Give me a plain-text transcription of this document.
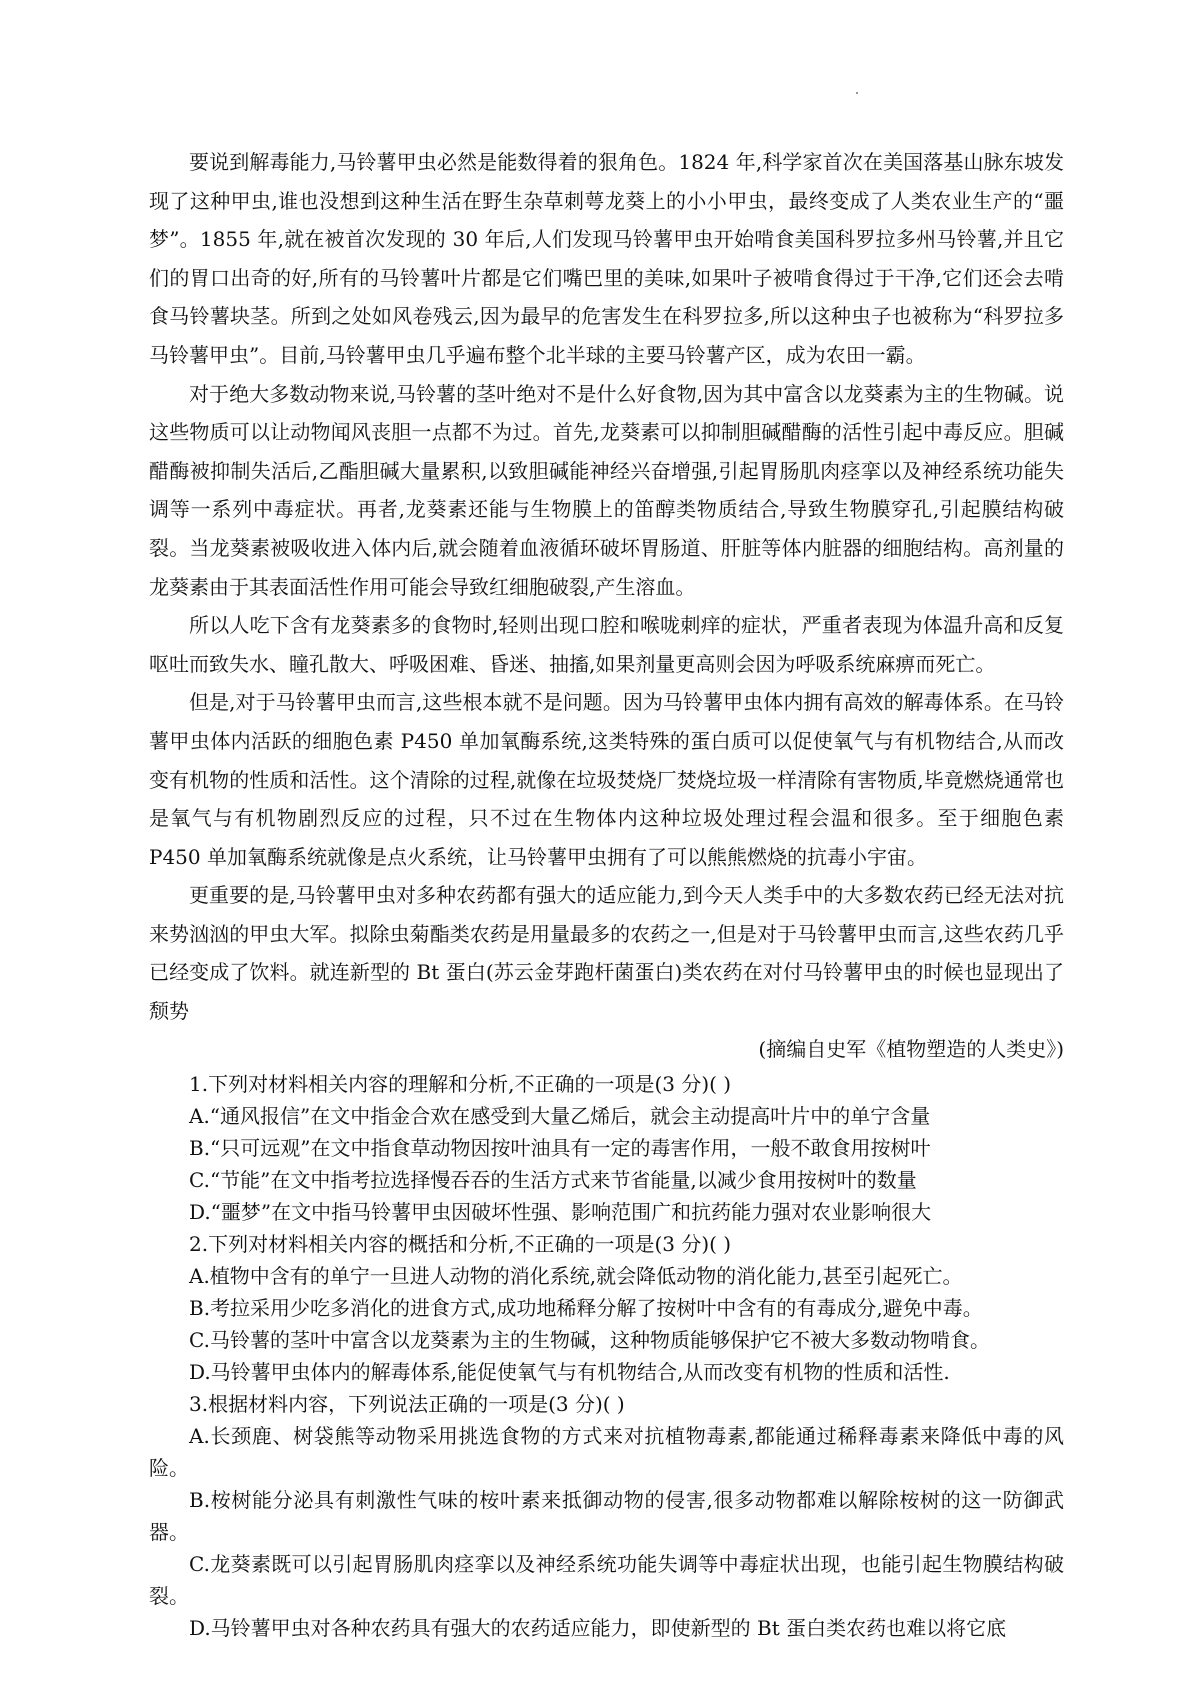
要说到解毒能力,马铃薯甲虫必然是能数得着的狠角色。1824 年,科学家首次在美国落基山脉东坡发现了这种甲虫,谁也没想到这种生活在野生杂草刺萼龙葵上的小小甲虫，最终变成了人类农业生产的“噩梦”。1855 年,就在被首次发现的 30 年后,人们发现马铃薯甲虫开始啃食美国科罗拉多州马铃薯,并且它们的胃口出奇的好,所有的马铃薯叶片都是它们嘴巴里的美味,如果叶子被啃食得过于干净,它们还会去啃食马铃薯块茎。所到之处如风卷残云,因为最早的危害发生在科罗拉多,所以这种虫子也被称为“科罗拉多马铃薯甲虫”。目前,马铃薯甲虫几乎遍布整个北半球的主要马铃薯产区，成为农田一霸。

对于绝大多数动物来说,马铃薯的茎叶绝对不是什么好食物,因为其中富含以龙葵素为主的生物碱。说这些物质可以让动物闻风丧胆一点都不为过。首先,龙葵素可以抑制胆碱醋酶的活性引起中毒反应。胆碱醋酶被抑制失活后,乙酯胆碱大量累积,以致胆碱能神经兴奋增强,引起胃肠肌肉痉挛以及神经系统功能失调等一系列中毒症状。再者,龙葵素还能与生物膜上的笛醇类物质结合,导致生物膜穿孔,引起膜结构破裂。当龙葵素被吸收进入体内后,就会随着血液循环破坏胃肠道、肝脏等体内脏器的细胞结构。高剂量的龙葵素由于其表面活性作用可能会导致红细胞破裂,产生溶血。

所以人吃下含有龙葵素多的食物时,轻则出现口腔和喉咙刺痒的症状，严重者表现为体温升高和反复呕吐而致失水、瞳孔散大、呼吸困难、昏迷、抽搐,如果剂量更高则会因为呼吸系统麻痹而死亡。

但是,对于马铃薯甲虫而言,这些根本就不是问题。因为马铃薯甲虫体内拥有高效的解毒体系。在马铃薯甲虫体内活跃的细胞色素 P450 单加氧酶系统,这类特殊的蛋白质可以促使氧气与有机物结合,从而改变有机物的性质和活性。这个清除的过程,就像在垃圾焚烧厂焚烧垃圾一样清除有害物质,毕竟燃烧通常也是氧气与有机物剧烈反应的过程，只不过在生物体内这种垃圾处理过程会温和很多。至于细胞色素 P450 单加氧酶系统就像是点火系统，让马铃薯甲虫拥有了可以熊熊燃烧的抗毒小宇宙。

更重要的是,马铃薯甲虫对多种农药都有强大的适应能力,到今天人类手中的大多数农药已经无法对抗来势汹汹的甲虫大军。拟除虫菊酯类农药是用量最多的农药之一,但是对于马铃薯甲虫而言,这些农药几乎已经变成了饮料。就连新型的 Bt 蛋白(苏云金芽跑杆菌蛋白)类农药在对付马铃薯甲虫的时候也显现出了颓势

(摘编自史军《植物塑造的人类史》)

1.下列对材料相关内容的理解和分析,不正确的一项是(3 分)( )

A.“通风报信”在文中指金合欢在感受到大量乙烯后，就会主动提高叶片中的单宁含量

B.“只可远观”在文中指食草动物因按叶油具有一定的毒害作用，一般不敢食用按树叶

C.“节能”在文中指考拉选择慢吞吞的生活方式来节省能量,以减少食用按树叶的数量

D.“噩梦”在文中指马铃薯甲虫因破坏性强、影响范围广和抗药能力强对农业影响很大

2.下列对材料相关内容的概括和分析,不正确的一项是(3 分)( )

A.植物中含有的单宁一旦进人动物的消化系统,就会降低动物的消化能力,甚至引起死亡。

B.考拉采用少吃多消化的进食方式,成功地稀释分解了按树叶中含有的有毒成分,避免中毒。

C.马铃薯的茎叶中富含以龙葵素为主的生物碱，这种物质能够保护它不被大多数动物啃食。

D.马铃薯甲虫体内的解毒体系,能促使氧气与有机物结合,从而改变有机物的性质和活性.

3.根据材料内容，下列说法正确的一项是(3 分)( )

A.长颈鹿、树袋熊等动物采用挑选食物的方式来对抗植物毒素,都能通过稀释毒素来降低中毒的风险。

B.桉树能分泌具有刺激性气味的桉叶素来抵御动物的侵害,很多动物都难以解除桉树的这一防御武器。

C.龙葵素既可以引起胃肠肌肉痉挛以及神经系统功能失调等中毒症状出现，也能引起生物膜结构破裂。

D.马铃薯甲虫对各种农药具有强大的农药适应能力，即使新型的 Bt 蛋白类农药也难以将它底
